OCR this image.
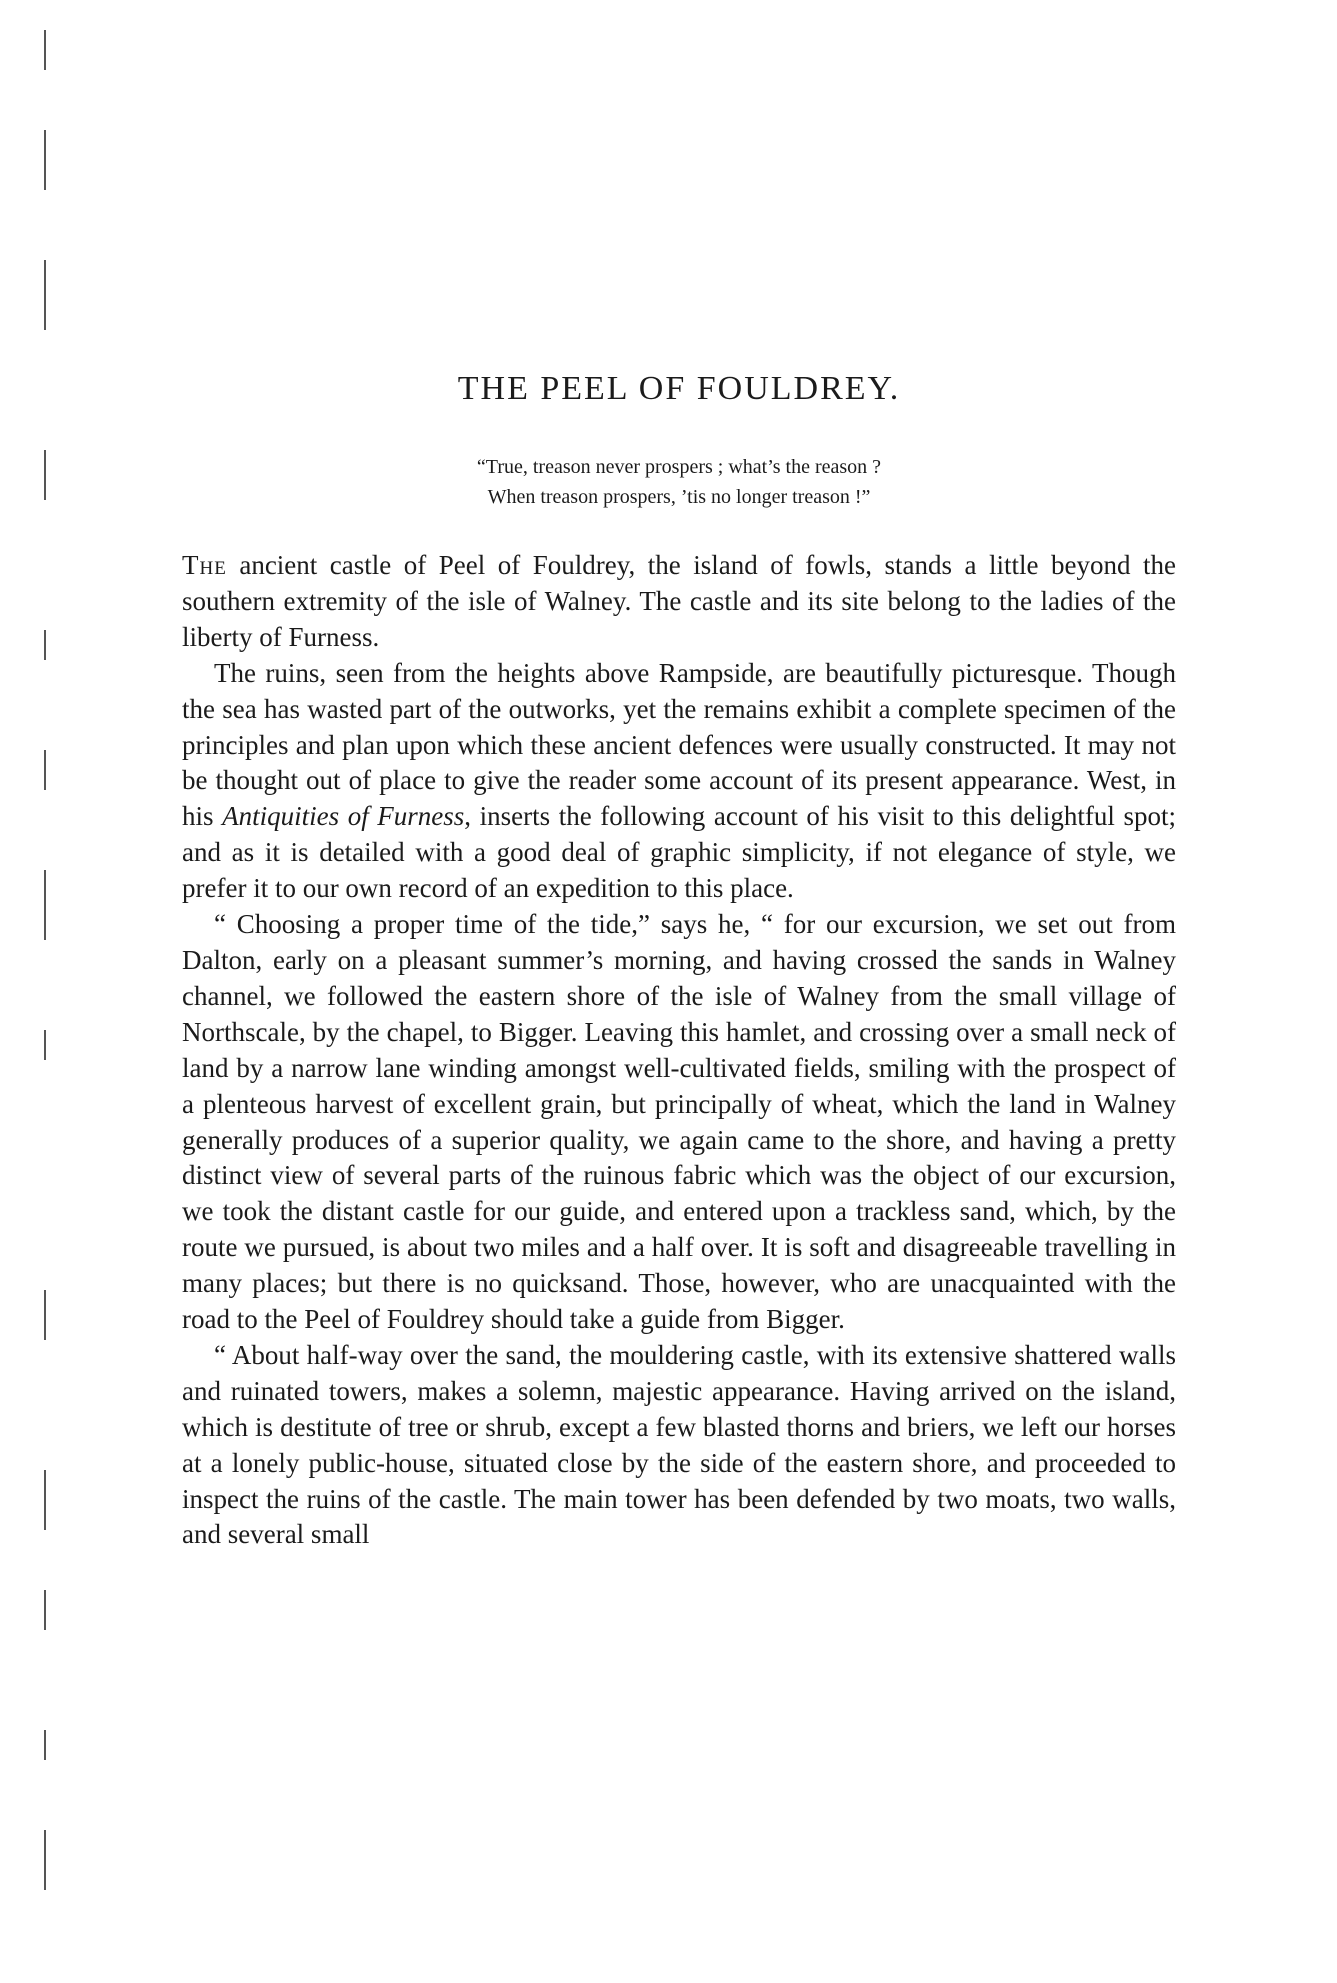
THE PEEL OF FOULDREY.
“True, treason never prospers ; what’s the reason ?
When treason prospers, ’tis no longer treason !”

The ancient castle of Peel of Fouldrey, the island of fowls, stands a little beyond the southern extremity of the isle of Walney. The castle and its site belong to the ladies of the liberty of Furness.

The ruins, seen from the heights above Rampside, are beautifully picturesque. Though the sea has wasted part of the outworks, yet the remains exhibit a complete specimen of the principles and plan upon which these ancient defences were usually constructed. It may not be thought out of place to give the reader some account of its present appearance. West, in his Antiquities of Furness, inserts the following account of his visit to this delightful spot; and as it is detailed with a good deal of graphic simplicity, if not elegance of style, we prefer it to our own record of an expedition to this place.

“ Choosing a proper time of the tide,” says he, “ for our excursion, we set out from Dalton, early on a pleasant summer’s morning, and having crossed the sands in Walney channel, we followed the eastern shore of the isle of Walney from the small village of Northscale, by the chapel, to Bigger. Leaving this hamlet, and crossing over a small neck of land by a narrow lane winding amongst well-cultivated fields, smiling with the prospect of a plenteous harvest of excellent grain, but principally of wheat, which the land in Walney generally produces of a superior quality, we again came to the shore, and having a pretty distinct view of several parts of the ruinous fabric which was the object of our excursion, we took the distant castle for our guide, and entered upon a trackless sand, which, by the route we pursued, is about two miles and a half over. It is soft and disagreeable travelling in many places; but there is no quicksand. Those, however, who are unacquainted with the road to the Peel of Fouldrey should take a guide from Bigger.

“ About half-way over the sand, the mouldering castle, with its extensive shattered walls and ruinated towers, makes a solemn, majestic appearance. Having arrived on the island, which is destitute of tree or shrub, except a few blasted thorns and briers, we left our horses at a lonely public-house, situated close by the side of the eastern shore, and proceeded to inspect the ruins of the castle. The main tower has been defended by two moats, two walls, and several small
